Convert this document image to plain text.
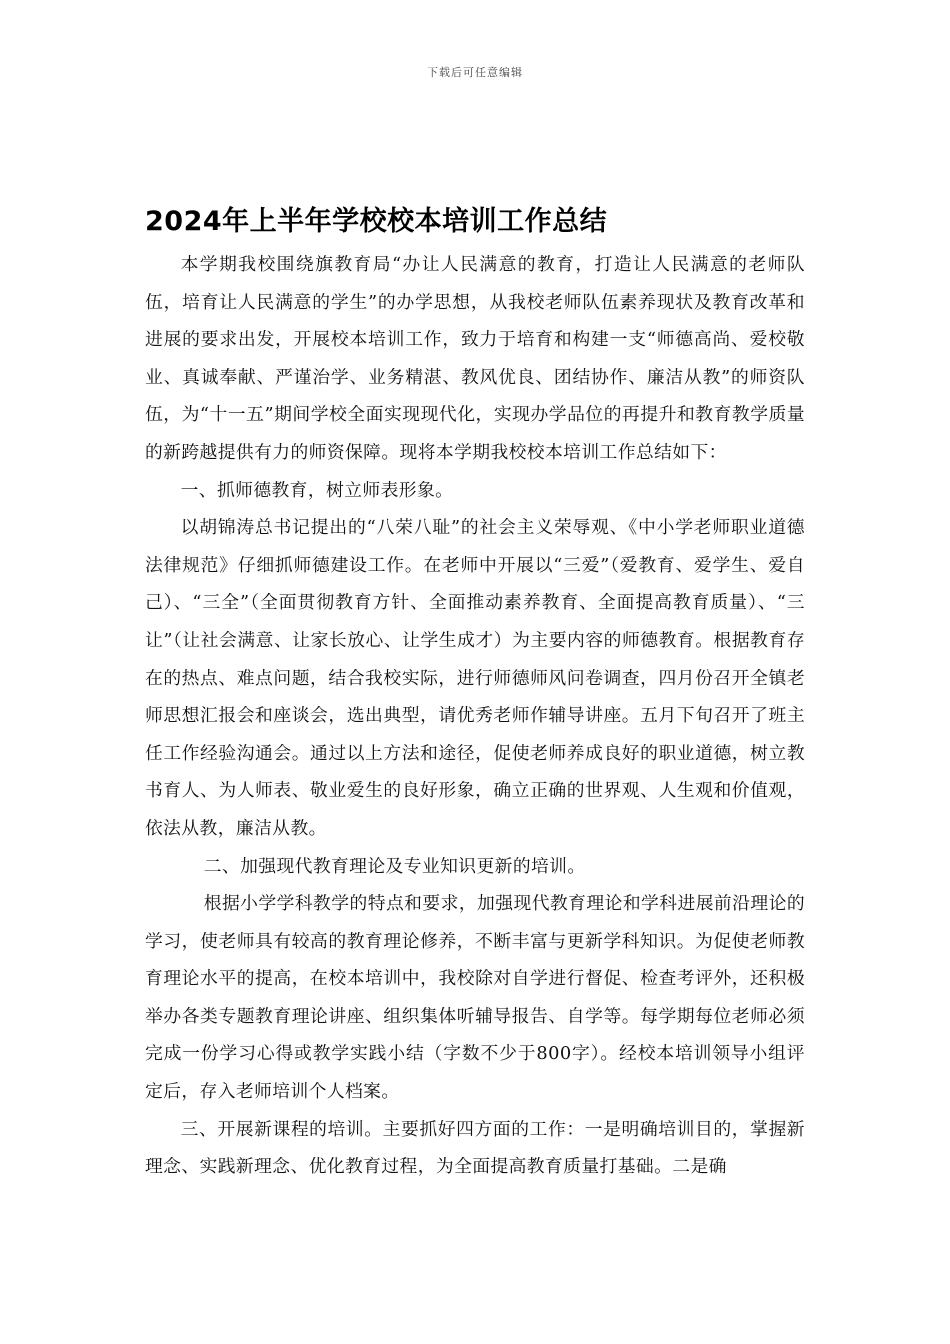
下载后可任意编辑
2024年上半年学校校本培训工作总结

本学期我校围绕旗教育局“办让人民满意的教育，打造让人民满意的老师队伍，培育让人民满意的学生”的办学思想，从我校老师队伍素养现状及教育改革和进展的要求出发，开展校本培训工作，致力于培育和构建一支“师德高尚、爱校敬业、真诚奉献、严谨治学、业务精湛、教风优良、团结协作、廉洁从教”的师资队伍，为“十一五”期间学校全面实现现代化，实现办学品位的再提升和教育教学质量的新跨越提供有力的师资保障。现将本学期我校校本培训工作总结如下：

一、抓师德教育，树立师表形象。

以胡锦涛总书记提出的“八荣八耻”的社会主义荣辱观、《中小学老师职业道德法律规范》仔细抓师德建设工作。在老师中开展以“三爱”（爱教育、爱学生、爱自己）、“三全”（全面贯彻教育方针、全面推动素养教育、全面提高教育质量）、“三让”（让社会满意、让家长放心、让学生成才）为主要内容的师德教育。根据教育存在的热点、难点问题，结合我校实际，进行师德师风问卷调查，四月份召开全镇老师思想汇报会和座谈会，选出典型，请优秀老师作辅导讲座。五月下旬召开了班主任工作经验沟通会。通过以上方法和途径，促使老师养成良好的职业道德，树立教书育人、为人师表、敬业爱生的良好形象，确立正确的世界观、人生观和价值观，依法从教，廉洁从教。

二、加强现代教育理论及专业知识更新的培训。

根据小学学科教学的特点和要求，加强现代教育理论和学科进展前沿理论的学习，使老师具有较高的教育理论修养，不断丰富与更新学科知识。为促使老师教育理论水平的提高，在校本培训中，我校除对自学进行督促、检查考评外，还积极举办各类专题教育理论讲座、组织集体听辅导报告、自学等。每学期每位老师必须完成一份学习心得或教学实践小结（字数不少于800字）。经校本培训领导小组评定后，存入老师培训个人档案。

三、开展新课程的培训。主要抓好四方面的工作：一是明确培训目的，掌握新理念、实践新理念、优化教育过程，为全面提高教育质量打基础。二是确
